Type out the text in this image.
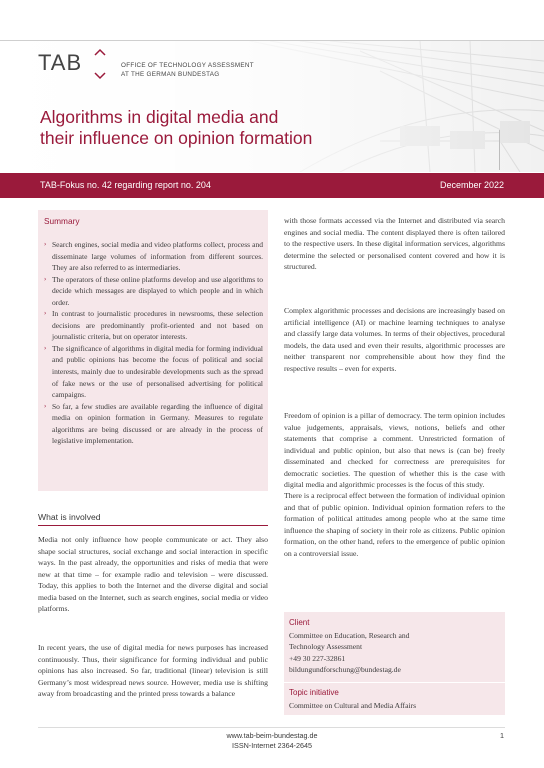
TAB	OFFICE OF TECHNOLOGY ASSESSMENT
AT THE GERMAN BUNDESTAG
Algorithms in digital media and
their influence on opinion formation
TAB-Fokus no. 42 regarding report no. 204	December 2022
Summary
› Search engines, social media and video platforms collect, process and disseminate large volumes of information from different sources. They are also referred to as intermediaries.
› The operators of these online platforms develop and use algorithms to decide which messages are displayed to which people and in which order.
› In contrast to journalistic procedures in newsrooms, these selection decisions are predominantly profit-oriented and not based on journalistic criteria, but on operator interests.
› The significance of algorithms in digital media for forming individual and public opinions has become the focus of political and social interests, mainly due to undesirable developments such as the spread of fake news or the use of personalised advertising for political campaigns.
› So far, a few studies are available regarding the influence of digital media on opinion formation in Germany. Measures to regulate algorithms are being discussed or are already in the process of legislative implementation.
What is involved

Media not only influence how people communicate or act. They also shape social structures, social exchange and social interaction in specific ways. In the past already, the opportunities and risks of media that were new at that time – for example radio and television – were discussed. Today, this applies to both the Internet and the diverse digital and social media based on the Internet, such as search engines, social media or video platforms.

In recent years, the use of digital media for news purposes has increased continuously. Thus, their significance for forming individual and public opinions has also increased. So far, traditional (linear) television is still Germany’s most widespread news source. However, media use is shifting away from broadcasting and the printed press towards a balance

with those formats accessed via the Internet and distributed via search engines and social media. The content displayed there is often tailored to the respective users. In these digital information services, algorithms determine the selected or personalised content covered and how it is structured.

Complex algorithmic processes and decisions are increasingly based on artificial intelligence (AI) or machine learning techniques to analyse and classify large data volumes. In terms of their objectives, procedural models, the data used and even their results, algorithmic processes are neither transparent nor comprehensible about how they find the respective results – even for experts.

Freedom of opinion is a pillar of democracy. The term opinion includes value judgements, appraisals, views, notions, beliefs and other statements that comprise a comment. Unrestricted formation of individual and public opinion, but also that news is (can be) freely disseminated and checked for correctness are prerequisites for democratic societies. The question of whether this is the case with digital media and algorithmic processes is the focus of this study.

There is a reciprocal effect between the formation of individual opinion and that of public opinion. Individual opinion formation refers to the formation of political attitudes among people who at the same time influence the shaping of society in their role as citizens. Public opinion formation, on the other hand, refers to the emergence of public opinion on a controversial issue.

Client
Committee on Education, Research and
Technology Assessment
+49 30 227-32861
bildungundforschung@bundestag.de
Topic initiative
Committee on Cultural and Media Affairs
www.tab-beim-bundestag.de
ISSN-Internet 2364-2645
1
